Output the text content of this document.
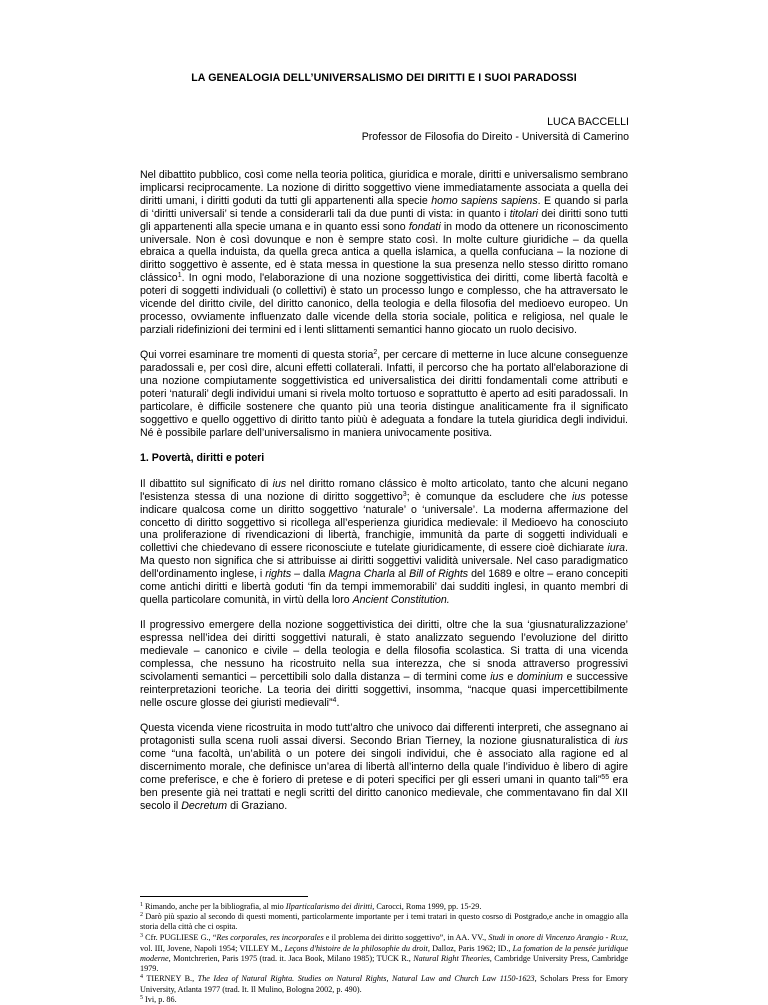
LA GENEALOGIA DELL’UNIVERSALISMO DEI DIRITTI E I SUOI PARADOSSI
LUCA BACCELLI
Professor de Filosofia do Direito - Università di Camerino

Nel dibattito pubblico, così come nella teoria politica, giuridica e morale, diritti e universalismo sembrano implicarsi reciprocamente. La nozione di diritto soggettivo viene immediatamente associata a quella dei diritti umani, i diritti goduti da tutti gli appartenenti alla specie homo sapiens sapiens. E quando si parla di ‘diritti universali’ si tende a considerarli tali da due punti di vista: in quanto i titolari dei diritti sono tutti gli appartenenti alla specie umana e in quanto essi sono fondati in modo da ottenere un riconoscimento universale. Non è così dovunque e non è sempre stato così. In molte culture giuridiche – da quella ebraica a quella induista, da quella greca antica a quella islamica, a quella confuciana – la nozione di diritto soggettivo è assente, ed è stata messa in questione la sua presenza nello stesso diritto romano clássico$^1$. In ogni modo, l'elaborazione di una nozione soggettivistica dei diritti, come libertà facoltà e poteri di soggetti individuali (o collettivi) è stato un processo lungo e complesso, che ha attraversato le vicende del diritto civile, del diritto canonico, della teologia e della filosofia del medioevo europeo. Un processo, ovviamente influenzato dalle vicende della storia sociale, politica e religiosa, nel quale le parziali ridefinizioni dei termini ed i lenti slittamenti semantici hanno giocato un ruolo decisivo.

Qui vorrei esaminare tre momenti di questa storia$^2$, per cercare di metterne in luce alcune conseguenze paradossali e, per così dire, alcuni effetti collaterali. Infatti, il percorso che ha portato all'elaborazione di una nozione compiutamente soggettivistica ed universalistica dei diritti fondamentali come attributi e poteri ‘naturali’ degli individui umani si rivela molto tortuoso e soprattutto è aperto ad esiti paradossali. In particolare, è difficile sostenere che quanto più una teoria distingue analiticamente fra il significato soggettivo e quello oggettivo di diritto tanto piùù è adeguata a fondare la tutela giuridica degli individui. Né è possibile parlare dell’universalismo in maniera univocamente positiva.

1. Povertà, diritti e poteri

Il dibattito sul significato di ius nel diritto romano clássico è molto articolato, tanto che alcuni negano l'esistenza stessa di una nozione di diritto soggettivo$^3$; è comunque da escludere che ius potesse indicare qualcosa come un diritto soggettivo ‘naturale’ o ‘universale’. La moderna affermazione del concetto di diritto soggettivo si ricollega all’esperienza giuridica medievale: il Medioevo ha conosciuto una proliferazione di rivendicazioni di libertà, franchigie, immunità da parte di soggetti individuali e collettivi che chiedevano di essere riconosciute e tutelate giuridicamente, di essere cioè dichiarate iura. Ma questo non significa che si attribuisse ai diritti soggettivi validità universale. Nel caso paradigmatico dell'ordinamento inglese, i rights – dalla Magna Charla al Bill of Rights del 1689 e oltre – erano concepiti come antichi diritti e libertà goduti ‘fin da tempi immemorabili’ dai sudditi inglesi, in quanto membri di quella particolare comunità, in virtù della loro Ancient Constitution.

Il progressivo emergere della nozione soggettivistica dei diritti, oltre che la sua ‘giusnaturalizzazione’ espressa nell’idea dei diritti soggettivi naturali, è stato analizzato seguendo l’evoluzione del diritto medievale – canonico e civile – della teologia e della filosofia scolastica. Si tratta di una vicenda complessa, che nessuno ha ricostruito nella sua interezza, che si snoda attraverso progressivi scivolamenti semantici – percettibili solo dalla distanza – di termini come ius e dominium e successive reinterpretazioni teoriche. La teoria dei diritti soggettivi, insomma, “nacque quasi impercettibilmente nelle oscure glosse dei giuristi medievali”$^4$.

Questa vicenda viene ricostruita in modo tutt’altro che univoco dai differenti interpreti, che assegnano ai protagonisti sulla scena ruoli assai diversi. Secondo Brian Tierney, la nozione giusnaturalistica di ius come “una facoltà, un’abilità o un potere dei singoli individui, che è associato alla ragione ed al discernimento morale, che definisce un’area di libertà all’interno della quale l’individuo è libero di agire come preferisce, e che è foriero di pretese e di poteri specifici per gli esseri umani in quanto tali”$^{55}$ era ben presente già nei trattati e negli scritti del diritto canonico medievale, che commentavano fin dal XII secolo il Decretum di Graziano.

$^1$ Rimando, anche per la bibliografia, al mio Ilparticalarismo dei diritti, Carocci, Roma 1999, pp. 15-29.
$^2$ Darò più spazio al secondo di questi momenti, particolarmente importante per i temi tratari in questo cosrso di Postgrado,e anche in omaggio alla storia della città che ci ospita.
$^3$ Cfr. PUGLIESE G., “Res corporales, res incorporales e il problema dei diritto soggettivo”, in AA. VV., Studi in onore di Vincenzo Arangio - RUIZ, vol. III, Jovene, Napoli 1954; VILLEY M., Leçons d'histoire de la philosophie du droit, Dalloz, Paris 1962; ID., La fomation de la pensée juridique moderne, Montchrerien, Paris 1975 (trad. it. Jaca Book, Milano 1985); TUCK R., Natural Right Theories, Cambridge University Press, Cambridge 1979.
$^4$ TIERNEY B., The Idea of Natural Righta. Studies on Natural Rights, Natural Law and Church Law 1150-1623, Scholars Press for Emory University, Atlanta 1977 (trad. It. Il Mulino, Bologna 2002, p. 490).
$^5$ Ivi, p. 86.
